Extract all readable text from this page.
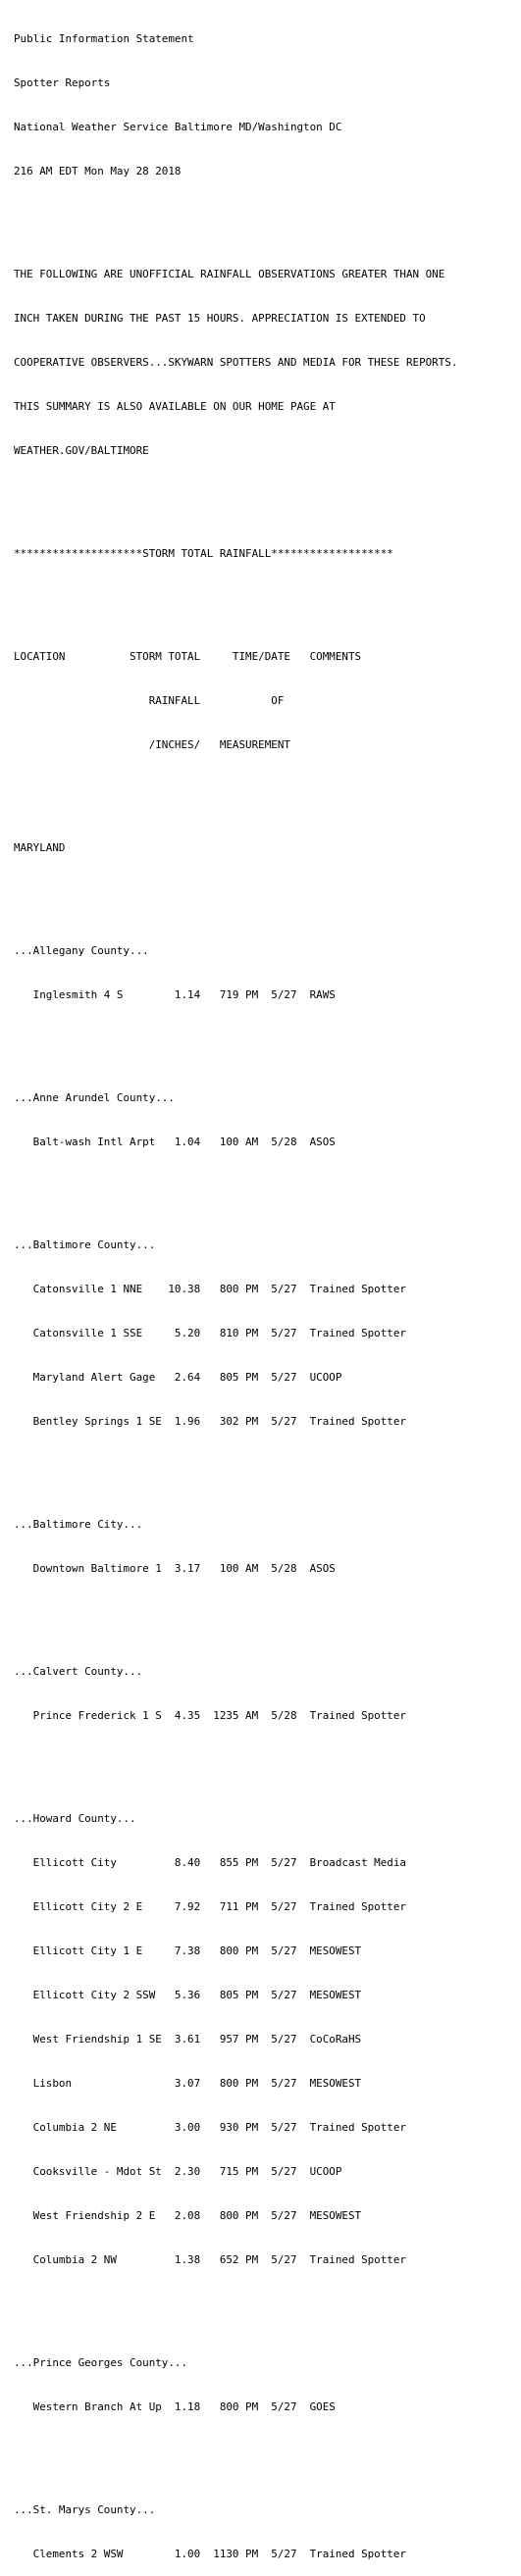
Public Information Statement

Spotter Reports

National Weather Service Baltimore MD/Washington DC

216 AM EDT Mon May 28 2018

THE FOLLOWING ARE UNOFFICIAL RAINFALL OBSERVATIONS GREATER THAN ONE

INCH TAKEN DURING THE PAST 15 HOURS. APPRECIATION IS EXTENDED TO

COOPERATIVE OBSERVERS...SKYWARN SPOTTERS AND MEDIA FOR THESE REPORTS.

THIS SUMMARY IS ALSO AVAILABLE ON OUR HOME PAGE AT

WEATHER.GOV/BALTIMORE

********************STORM TOTAL RAINFALL*******************

LOCATION          STORM TOTAL     TIME/DATE   COMMENTS

RAINFALL           OF

/INCHES/   MEASUREMENT

MARYLAND

...Allegany County...

Inglesmith 4 S        1.14   719 PM  5/27  RAWS

...Anne Arundel County...

Balt-wash Intl Arpt   1.04   100 AM  5/28  ASOS

...Baltimore County...

Catonsville 1 NNE    10.38   800 PM  5/27  Trained Spotter

Catonsville 1 SSE     5.20   810 PM  5/27  Trained Spotter

Maryland Alert Gage   2.64   805 PM  5/27  UCOOP

Bentley Springs 1 SE  1.96   302 PM  5/27  Trained Spotter

...Baltimore City...

Downtown Baltimore 1  3.17   100 AM  5/28  ASOS

...Calvert County...

Prince Frederick 1 S  4.35  1235 AM  5/28  Trained Spotter

...Howard County...

Ellicott City         8.40   855 PM  5/27  Broadcast Media

Ellicott City 2 E     7.92   711 PM  5/27  Trained Spotter

Ellicott City 1 E     7.38   800 PM  5/27  MESOWEST

Ellicott City 2 SSW   5.36   805 PM  5/27  MESOWEST

West Friendship 1 SE  3.61   957 PM  5/27  CoCoRaHS

Lisbon                3.07   800 PM  5/27  MESOWEST

Columbia 2 NE         3.00   930 PM  5/27  Trained Spotter

Cooksville - Mdot St  2.30   715 PM  5/27  UCOOP

West Friendship 2 E   2.08   800 PM  5/27  MESOWEST

Columbia 2 NW         1.38   652 PM  5/27  Trained Spotter

...Prince Georges County...

Western Branch At Up  1.18   800 PM  5/27  GOES

...St. Marys County...

Clements 2 WSW        1.00  1130 PM  5/27  Trained Spotter
